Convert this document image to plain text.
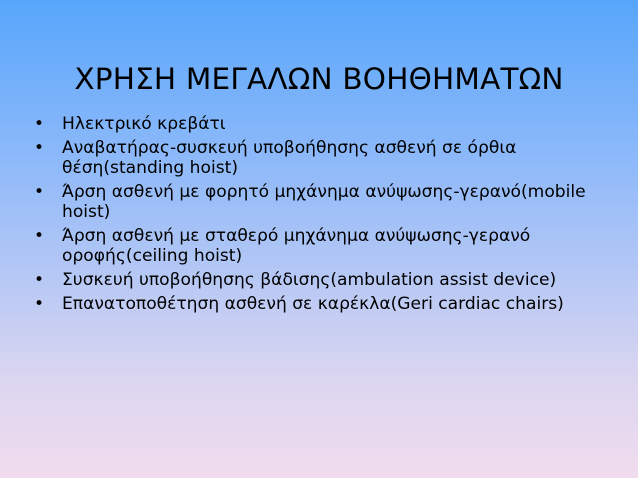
ΧΡΗΣΗ ΜΕΓΑΛΩΝ ΒΟΗΘΗΜΑΤΩΝ
• Ηλεκτρικό κρεβάτι
• Αναβατήρας-συσκευή υποβοήθησης ασθενή σε όρθια θέση(standing hoist)
• Άρση ασθενή με φορητό μηχάνημα ανύψωσης-γερανό(mobile hoist)
• Άρση ασθενή με σταθερό μηχάνημα ανύψωσης-γερανό οροφής(ceiling hoist)
• Συσκευή υποβοήθησης βάδισης(ambulation assist device)
• Επανατοποθέτηση ασθενή σε καρέκλα(Geri cardiac chairs)
